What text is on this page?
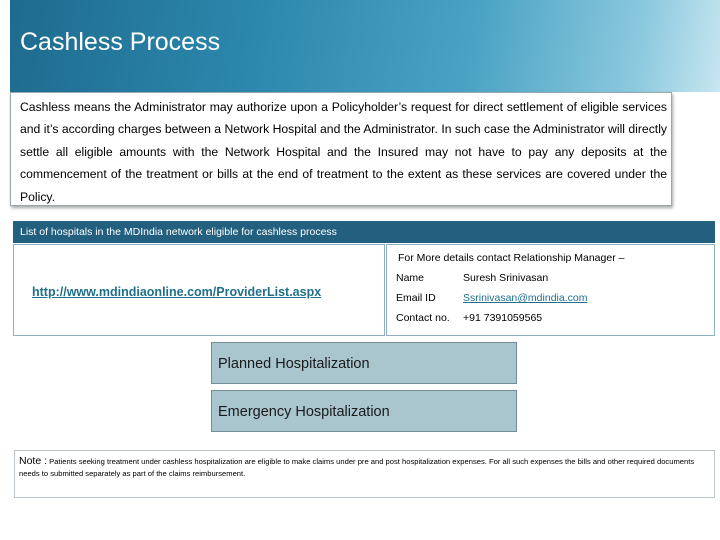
Cashless Process
Cashless means the Administrator may authorize upon a Policyholder’s request for direct settlement of eligible services and it’s according charges between a Network Hospital and the Administrator. In such case the Administrator will directly settle all eligible amounts with the Network Hospital and the Insured may not have to pay any deposits at the commencement of the treatment or bills at the end of treatment to the extent as these services are covered under the Policy.
List of hospitals in the MDIndia network eligible for cashless process
http://www.mdindiaonline.com/ProviderList.aspx
For More details contact Relationship Manager –
Name	Suresh Srinivasan
Email ID	Ssrinivasan@mdindia.com
Contact no.	+91 7391059565
Planned Hospitalization
Emergency Hospitalization
Note : Patients seeking treatment under cashless hospitalization are eligible to make claims under pre and post hospitalization expenses. For all such expenses the bills and other required documents needs to submitted separately as part of the claims reimbursement.
